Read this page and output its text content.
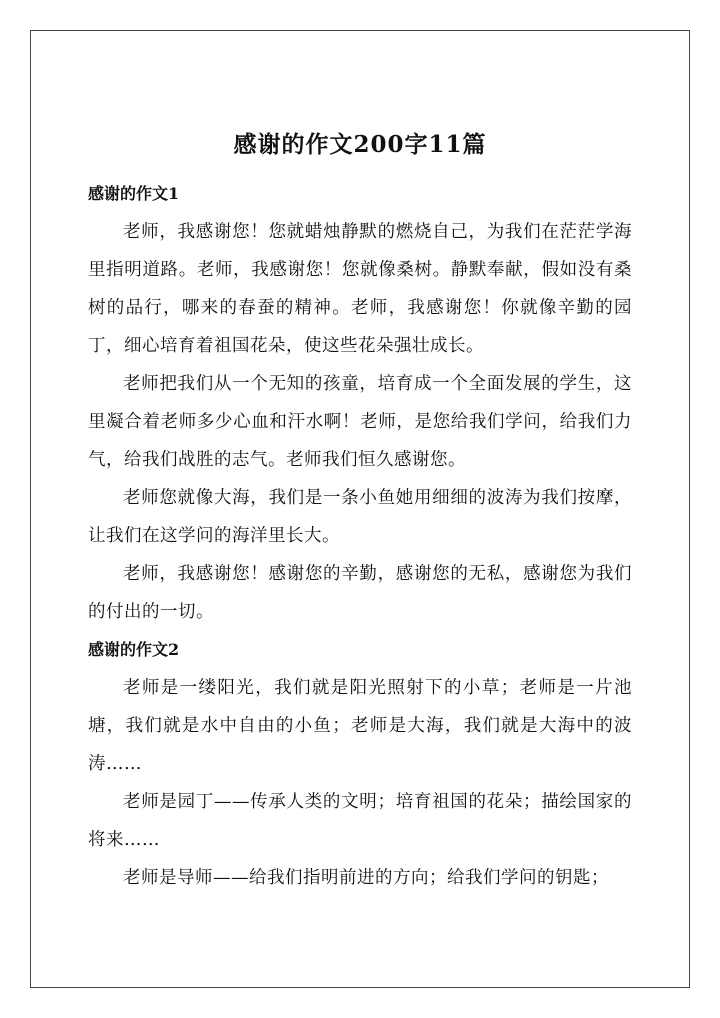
感谢的作文200字11篇
感谢的作文1

老师，我感谢您！您就蜡烛静默的燃烧自己，为我们在茫茫学海里指明道路。老师，我感谢您！您就像桑树。静默奉献，假如没有桑树的品行，哪来的春蚕的精神。老师，我感谢您！你就像辛勤的园丁，细心培育着祖国花朵，使这些花朵强壮成长。

老师把我们从一个无知的孩童，培育成一个全面发展的学生，这里凝合着老师多少心血和汗水啊！老师，是您给我们学问，给我们力气，给我们战胜的志气。老师我们恒久感谢您。

老师您就像大海，我们是一条小鱼她用细细的波涛为我们按摩，让我们在这学问的海洋里长大。

老师，我感谢您！感谢您的辛勤，感谢您的无私，感谢您为我们的付出的一切。

感谢的作文2

老师是一缕阳光，我们就是阳光照射下的小草；老师是一片池塘，我们就是水中自由的小鱼；老师是大海，我们就是大海中的波涛……

老师是园丁——传承人类的文明；培育祖国的花朵；描绘国家的将来……

老师是导师——给我们指明前进的方向；给我们学问的钥匙；
